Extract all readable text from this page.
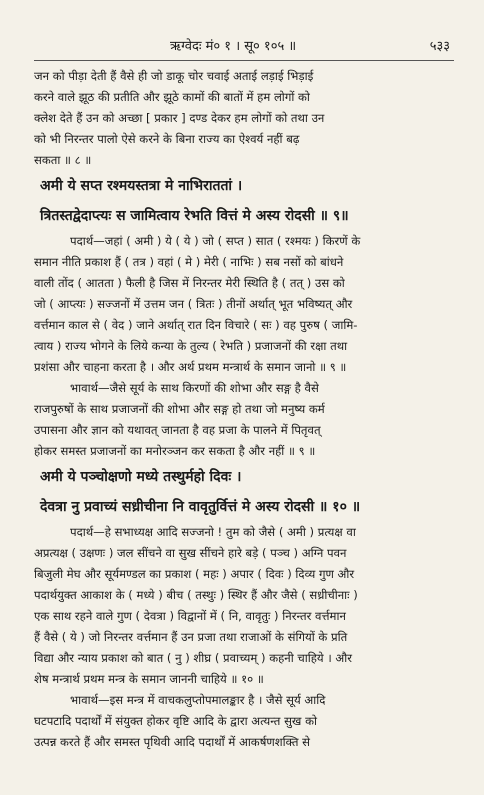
ऋग्वेदः मं० १ । सू० १०५ ॥	५३३
जन को पीड़ा देती हैं वैसे ही जो डाकू चोर चवाई अताई लड़ाई भिड़ाई
करने वाले झूठ की प्रतीति और झूठे कामों की बातों में हम लोगों को
क्लेश देते हैं उन को अच्छा [ प्रकार ] दण्ड देकर हम लोगों को तथा उन
को भी निरन्तर पालो ऐसे करने के बिना राज्य का ऐश्वर्य नहीं बढ़
सकता ॥ ८ ॥
अमी ये सप्त रश्मयस्तत्रा मे नाभिराततां ।
त्रितस्तद्वेदाप्त्यः स जामित्वाय रेभति वित्तं मे अस्य रोदसी ॥ ९॥
पदार्थ—जहां ( अमी ) ये ( ये ) जो ( सप्त ) सात ( रश्मयः ) किरणें के
समान नीति प्रकाश हैं ( तत्र ) वहां ( मे ) मेरी ( नाभिः ) सब नसों को बांधने
वाली तोंद ( आतता ) फैली है जिस में निरन्तर मेरी स्थिति है ( तत् ) उस को
जो ( आप्त्यः ) सज्जनों में उत्तम जन ( त्रितः ) तीनों अर्थात् भूत भविष्यत् और
वर्त्तमान काल से ( वेद ) जाने अर्थात् रात दिन विचारे ( सः ) वह पुरुष ( जामि-
त्वाय ) राज्य भोगने के लिये कन्या के तुल्य ( रेभति ) प्रजाजनों की रक्षा तथा
प्रशंसा और चाहना करता है । और अर्थ प्रथम मन्त्रार्थ के समान जानो ॥ ९ ॥
भावार्थ—जैसे सूर्य के साथ किरणों की शोभा और सङ्ग है वैसे
राजपुरुषों के साथ प्रजाजनों की शोभा और सङ्ग हो तथा जो मनुष्य कर्म
उपासना और ज्ञान को यथावत् जानता है वह प्रजा के पालने में पितृवत्
होकर समस्त प्रजाजनों का मनोरञ्जन कर सकता है और नहीं ॥ ९ ॥
अमी ये पञ्चोक्षणो मध्ये तस्थुर्महो दिवः ।
देवत्रा नु प्रवाच्यं सध्रीचीना नि वावृतुर्वित्तं मे अस्य रोदसी ॥ १० ॥
पदार्थ—हे सभाध्यक्ष आदि सज्जनो ! तुम को जैसे ( अमी ) प्रत्यक्ष वा
अप्रत्यक्ष ( उक्षणः ) जल सींचने वा सुख सींचने हारे बड़े ( पञ्च ) अग्नि पवन
बिजुली मेघ और सूर्यमण्डल का प्रकाश ( महः ) अपार ( दिवः ) दिव्य गुण और
पदार्थयुक्त आकाश के ( मध्ये ) बीच ( तस्थुः ) स्थिर हैं और जैसे ( सध्रीचीनाः )
एक साथ रहने वाले गुण ( देवत्रा ) विद्वानों में ( नि, वावृतुः ) निरन्तर वर्त्तमान
हैं वैसे ( ये ) जो निरन्तर वर्त्तमान हैं उन प्रजा तथा राजाओं के संगियों के प्रति
विद्या और न्याय प्रकाश को बात ( नु ) शीघ्र ( प्रवाच्यम् ) कहनी चाहिये । और
शेष मन्त्रार्थ प्रथम मन्त्र के समान जाननी चाहिये ॥ १० ॥
भावार्थ—इस मन्त्र में वाचकलुप्तोपमालङ्कार है । जैसे सूर्य आदि
घटपटादि पदार्थों में संयुक्त होकर वृष्टि आदि के द्वारा अत्यन्त सुख को
उत्पन्न करते हैं और समस्त पृथिवी आदि पदार्थों में आकर्षणशक्ति से
